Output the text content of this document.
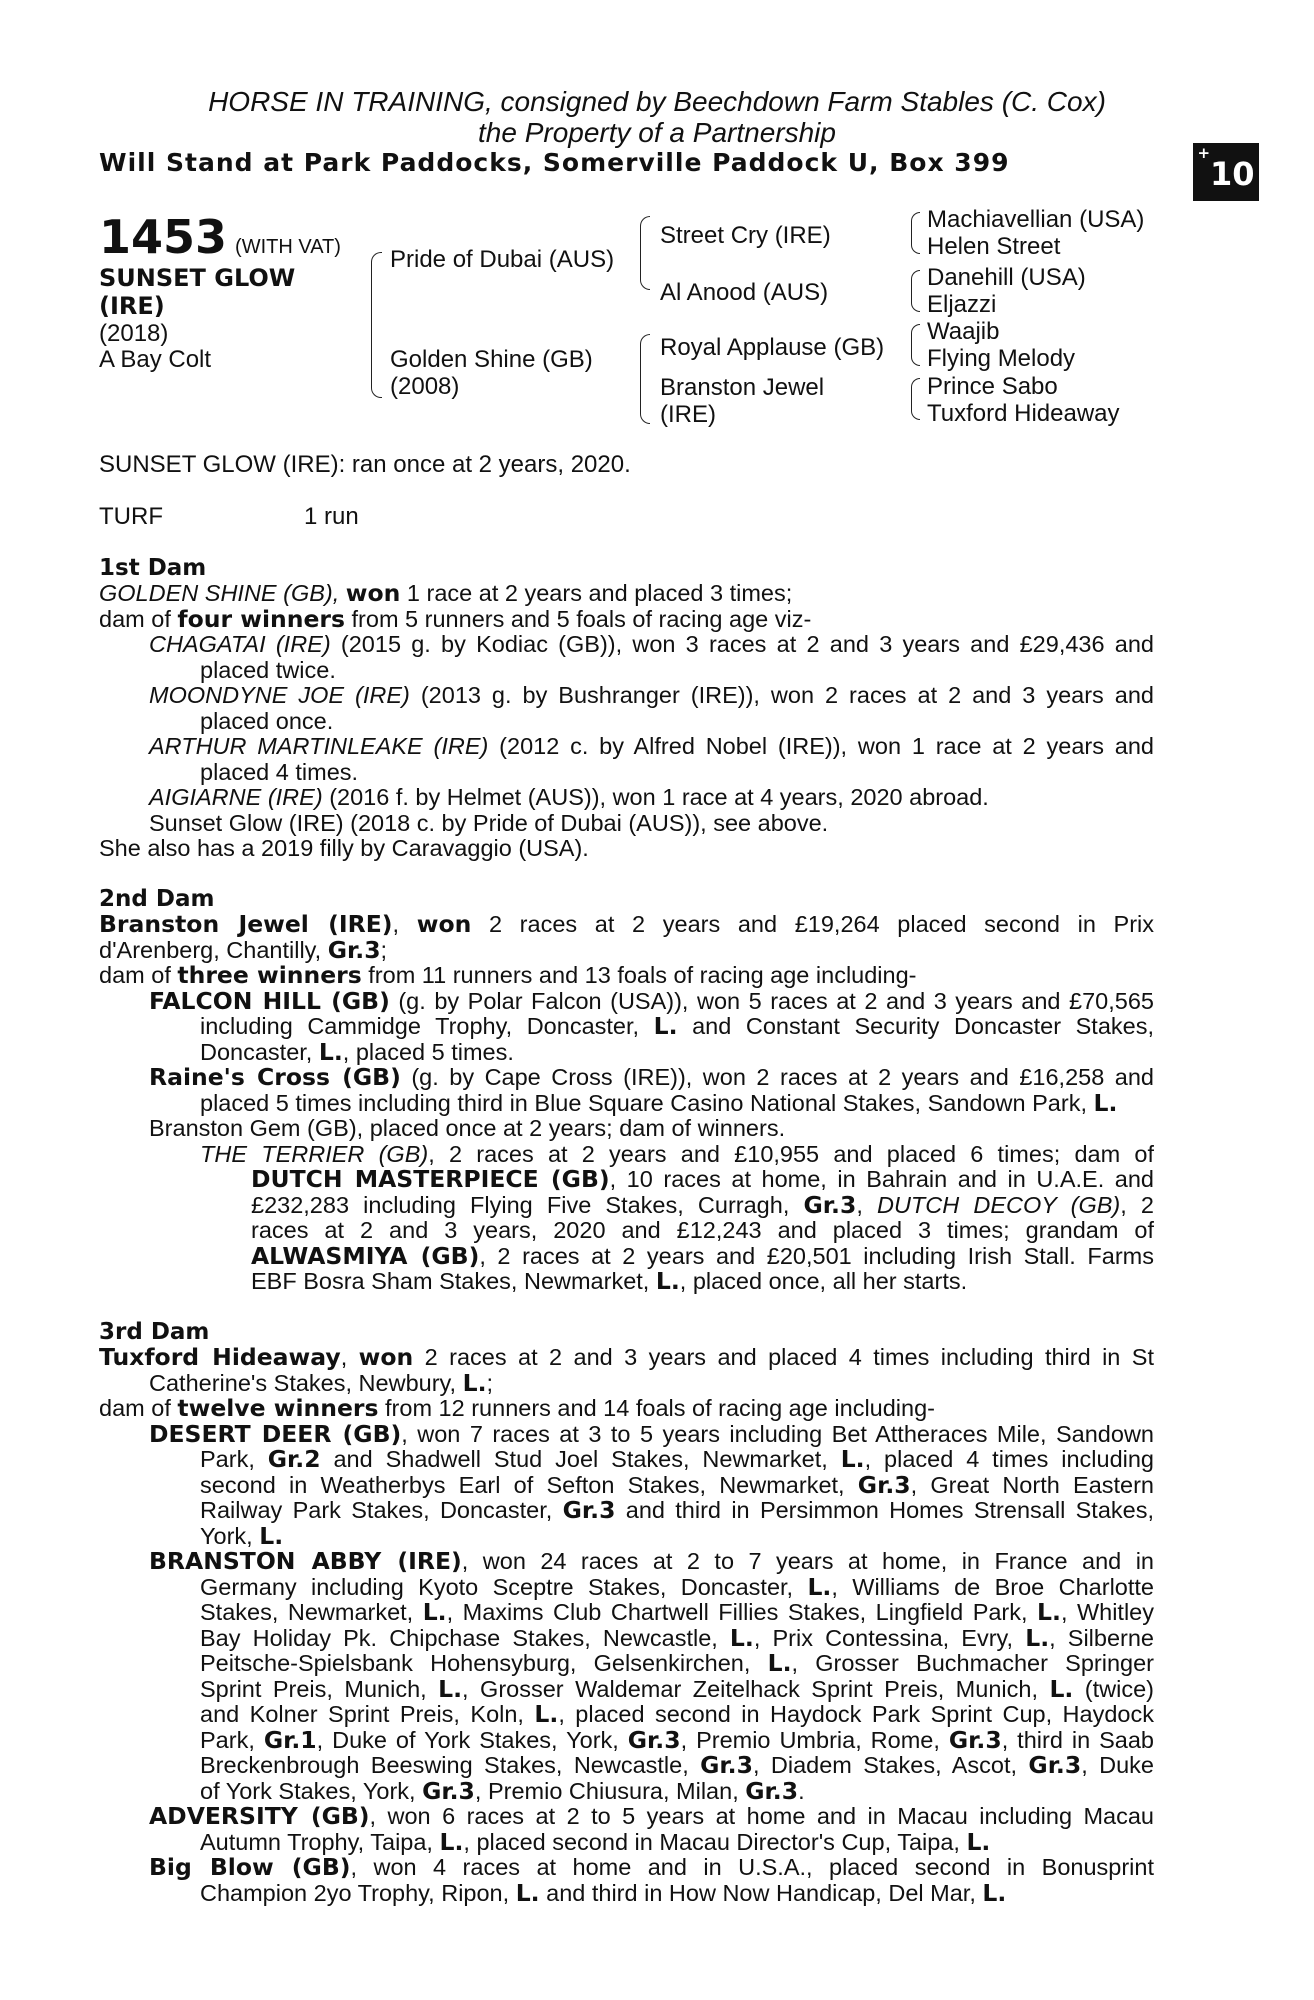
HORSE IN TRAINING, consigned by Beechdown Farm Stables (C. Cox)
the Property of a Partnership
Will Stand at Park Paddocks, Somerville Paddock U, Box 399	+10
1453 (WITH VAT)
SUNSET GLOW
(IRE)
(2018)
A Bay Colt
Pride of Dubai (AUS)
Golden Shine (GB)
(2008)
Street Cry (IRE)
Al Anood (AUS)
Royal Applause (GB)
Branston Jewel
(IRE)
Machiavellian (USA)
Helen Street
Danehill (USA)
Eljazzi
Waajib
Flying Melody
Prince Sabo
Tuxford Hideaway
SUNSET GLOW (IRE): ran once at 2 years, 2020.
TURF	1 run
1st Dam
GOLDEN SHINE (GB), won 1 race at 2 years and placed 3 times;
dam of four winners from 5 runners and 5 foals of racing age viz-
CHAGATAI (IRE) (2015 g. by Kodiac (GB)), won 3 races at 2 and 3 years and £29,436 and
placed twice.
MOONDYNE JOE (IRE) (2013 g. by Bushranger (IRE)), won 2 races at 2 and 3 years and
placed once.
ARTHUR MARTINLEAKE (IRE) (2012 c. by Alfred Nobel (IRE)), won 1 race at 2 years and
placed 4 times.
AIGIARNE (IRE) (2016 f. by Helmet (AUS)), won 1 race at 4 years, 2020 abroad.
Sunset Glow (IRE) (2018 c. by Pride of Dubai (AUS)), see above.
She also has a 2019 filly by Caravaggio (USA).
2nd Dam
Branston Jewel (IRE), won 2 races at 2 years and £19,264 placed second in Prix
d'Arenberg, Chantilly, Gr.3;
dam of three winners from 11 runners and 13 foals of racing age including-
FALCON HILL (GB) (g. by Polar Falcon (USA)), won 5 races at 2 and 3 years and £70,565
including Cammidge Trophy, Doncaster, L. and Constant Security Doncaster Stakes,
Doncaster, L., placed 5 times.
Raine's Cross (GB) (g. by Cape Cross (IRE)), won 2 races at 2 years and £16,258 and
placed 5 times including third in Blue Square Casino National Stakes, Sandown Park, L.
Branston Gem (GB), placed once at 2 years; dam of winners.
THE TERRIER (GB), 2 races at 2 years and £10,955 and placed 6 times; dam of
DUTCH MASTERPIECE (GB), 10 races at home, in Bahrain and in U.A.E. and
£232,283 including Flying Five Stakes, Curragh, Gr.3, DUTCH DECOY (GB), 2
races at 2 and 3 years, 2020 and £12,243 and placed 3 times; grandam of
ALWASMIYA (GB), 2 races at 2 years and £20,501 including Irish Stall. Farms
EBF Bosra Sham Stakes, Newmarket, L., placed once, all her starts.
3rd Dam
Tuxford Hideaway, won 2 races at 2 and 3 years and placed 4 times including third in St
Catherine's Stakes, Newbury, L.;
dam of twelve winners from 12 runners and 14 foals of racing age including-
DESERT DEER (GB), won 7 races at 3 to 5 years including Bet Attheraces Mile, Sandown
Park, Gr.2 and Shadwell Stud Joel Stakes, Newmarket, L., placed 4 times including
second in Weatherbys Earl of Sefton Stakes, Newmarket, Gr.3, Great North Eastern
Railway Park Stakes, Doncaster, Gr.3 and third in Persimmon Homes Strensall Stakes,
York, L.
BRANSTON ABBY (IRE), won 24 races at 2 to 7 years at home, in France and in
Germany including Kyoto Sceptre Stakes, Doncaster, L., Williams de Broe Charlotte
Stakes, Newmarket, L., Maxims Club Chartwell Fillies Stakes, Lingfield Park, L., Whitley
Bay Holiday Pk. Chipchase Stakes, Newcastle, L., Prix Contessina, Evry, L., Silberne
Peitsche-Spielsbank Hohensyburg, Gelsenkirchen, L., Grosser Buchmacher Springer
Sprint Preis, Munich, L., Grosser Waldemar Zeitelhack Sprint Preis, Munich, L. (twice)
and Kolner Sprint Preis, Koln, L., placed second in Haydock Park Sprint Cup, Haydock
Park, Gr.1, Duke of York Stakes, York, Gr.3, Premio Umbria, Rome, Gr.3, third in Saab
Breckenbrough Beeswing Stakes, Newcastle, Gr.3, Diadem Stakes, Ascot, Gr.3, Duke
of York Stakes, York, Gr.3, Premio Chiusura, Milan, Gr.3.
ADVERSITY (GB), won 6 races at 2 to 5 years at home and in Macau including Macau
Autumn Trophy, Taipa, L., placed second in Macau Director's Cup, Taipa, L.
Big Blow (GB), won 4 races at home and in U.S.A., placed second in Bonusprint
Champion 2yo Trophy, Ripon, L. and third in How Now Handicap, Del Mar, L.
